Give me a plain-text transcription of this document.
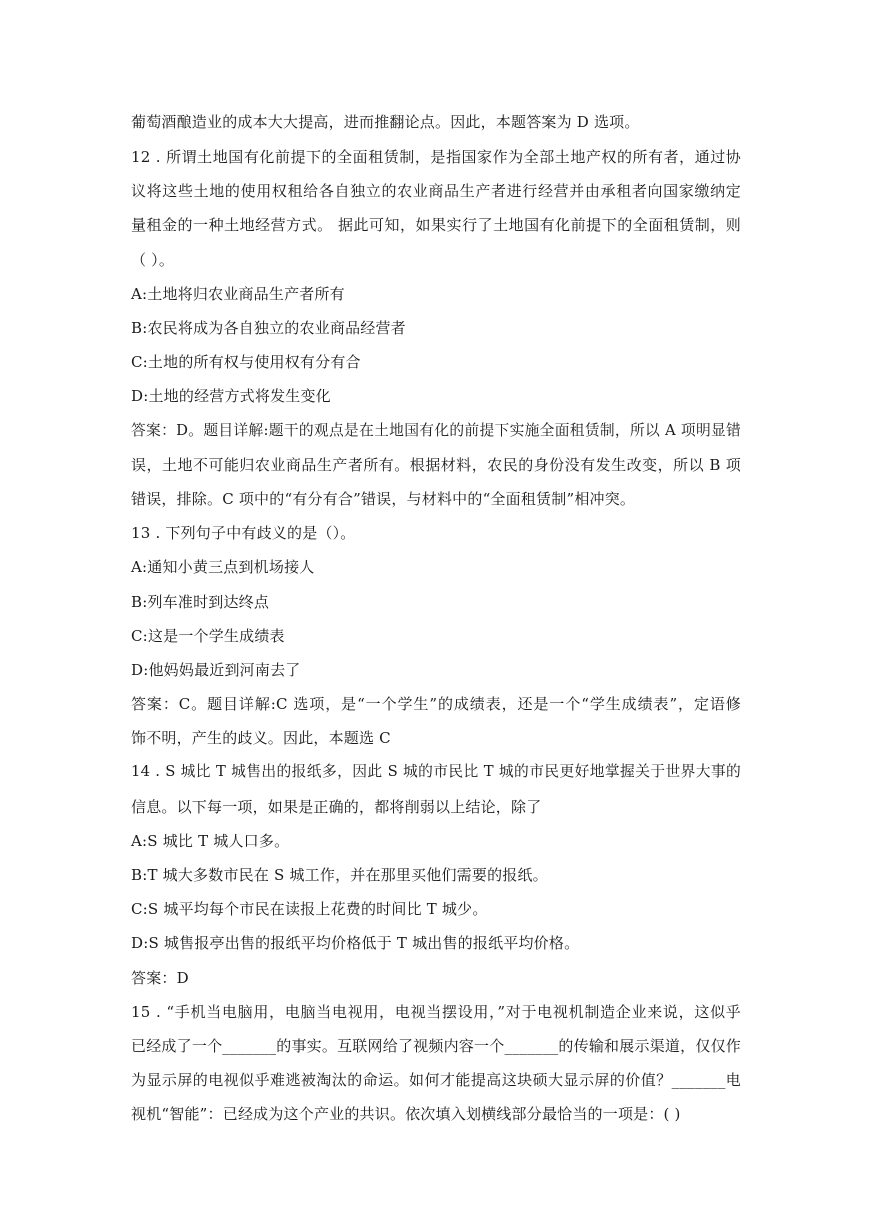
葡萄酒酿造业的成本大大提高，进而推翻论点。因此，本题答案为 D 选项。
12 . 所谓土地国有化前提下的全面租赁制，是指国家作为全部土地产权的所有者，通过协
议将这些土地的使用权租给各自独立的农业商品生产者进行经营并由承租者向国家缴纳定
量租金的一种土地经营方式。 据此可知，如果实行了土地国有化前提下的全面租赁制，则
（ ）。
A:土地将归农业商品生产者所有
B:农民将成为各自独立的农业商品经营者
C:土地的所有权与使用权有分有合
D:土地的经营方式将发生变化
答案：D。题目详解:题干的观点是在土地国有化的前提下实施全面租赁制，所以 A 项明显错
误，土地不可能归农业商品生产者所有。根据材料，农民的身份没有发生改变，所以 B 项
错误，排除。C 项中的“有分有合”错误，与材料中的“全面租赁制”相冲突。
13 . 下列句子中有歧义的是（）。
A:通知小黄三点到机场接人
B:列车准时到达终点
C:这是一个学生成绩表
D:他妈妈最近到河南去了
答案：C。题目详解:C 选项，是“一个学生”的成绩表，还是一个“学生成绩表”，定语修
饰不明，产生的歧义。因此，本题选 C
14 . S 城比 T 城售出的报纸多，因此 S 城的市民比 T 城的市民更好地掌握关于世界大事的
信息。以下每一项，如果是正确的，都将削弱以上结论，除了
A:S 城比 T 城人口多。
B:T 城大多数市民在 S 城工作，并在那里买他们需要的报纸。
C:S 城平均每个市民在读报上花费的时间比 T 城少。
D:S 城售报亭出售的报纸平均价格低于 T 城出售的报纸平均价格。
答案：D
15 . “手机当电脑用，电脑当电视用，电视当摆设用，”对于电视机制造企业来说，这似乎
已经成了一个_______的事实。互联网给了视频内容一个_______的传输和展示渠道，仅仅作
为显示屏的电视似乎难逃被淘汰的命运。如何才能提高这块硕大显示屏的价值？_______电
视机“智能”：已经成为这个产业的共识。依次填入划横线部分最恰当的一项是：( )
